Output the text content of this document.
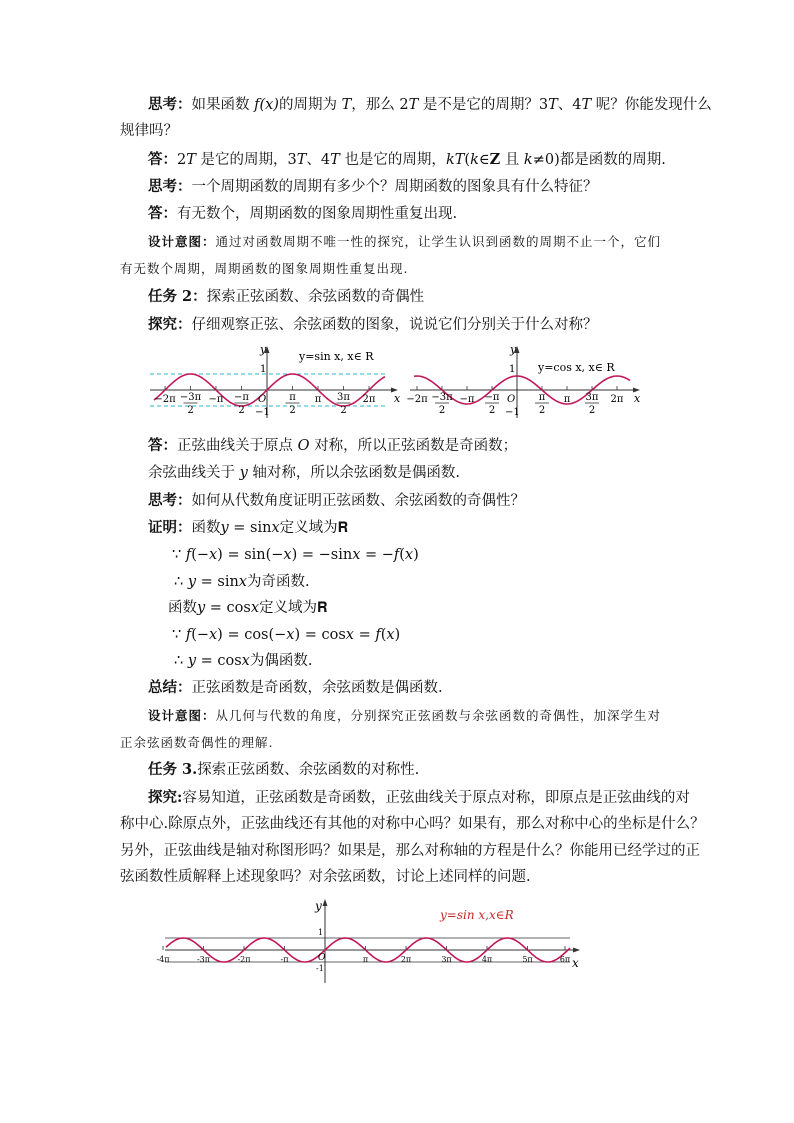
思考：如果函数 f(x)的周期为 T，那么 2T 是不是它的周期？3T、4T 呢？你能发现什么
规律吗？
答：2T 是它的周期，3T、4T 也是它的周期，kT(k∈Z 且 k≠0)都是函数的周期.
思考：一个周期函数的周期有多少个？周期函数的图象具有什么特征？
答：有无数个，周期函数的图象周期性重复出现.
设计意图：通过对函数周期不唯一性的探究，让学生认识到函数的周期不止一个，它们
有无数个周期，周期函数的图象周期性重复出现.
任务 2：探索正弦函数、余弦函数的奇偶性
探究：仔细观察正弦、余弦函数的图象，说说它们分别关于什么对称？
y
x
y=sin x, x∈ R
1
−1
O
−2π −3π
2
−π −π
2
π
2
π 3π
2
2π
y
x
y=cos x, x∈ R
1
−1
O
−2π −3π
2
−π −π
2
π
2
π 3π
2
2π
答：正弦曲线关于原点 O 对称，所以正弦函数是奇函数；
余弦曲线关于 y 轴对称，所以余弦函数是偶函数.
思考：如何从代数角度证明正弦函数、余弦函数的奇偶性？
证明：函数𝑦 = sin𝑥定义域为𝐑
∵ 𝑓(−𝑥) = sin(−𝑥) = −sin𝑥 = −𝑓(𝑥)
∴ 𝑦 = sin𝑥为奇函数.
函数𝑦 = cos𝑥定义域为𝐑
∵ 𝑓(−𝑥) = cos(−𝑥) = cos𝑥 = 𝑓(𝑥)
∴ 𝑦 = cos𝑥为偶函数.
总结：正弦函数是奇函数，余弦函数是偶函数.
设计意图：从几何与代数的角度，分别探究正弦函数与余弦函数的奇偶性，加深学生对
正余弦函数奇偶性的理解.
任务 3.探索正弦函数、余弦函数的对称性.
探究:容易知道，正弦函数是奇函数，正弦曲线关于原点对称，即原点是正弦曲线的对
称中心.除原点外，正弦曲线还有其他的对称中心吗？如果有，那么对称中心的坐标是什么？
另外，正弦曲线是轴对称图形吗？如果是，那么对称轴的方程是什么？你能用已经学过的正
弦函数性质解释上述现象吗？对余弦函数，讨论上述同样的问题.
y
x
y=sin x,x∈R
1
-1
O
-4π	-3π	-2π	-π	π	2π	3π	4π	5π	6π
